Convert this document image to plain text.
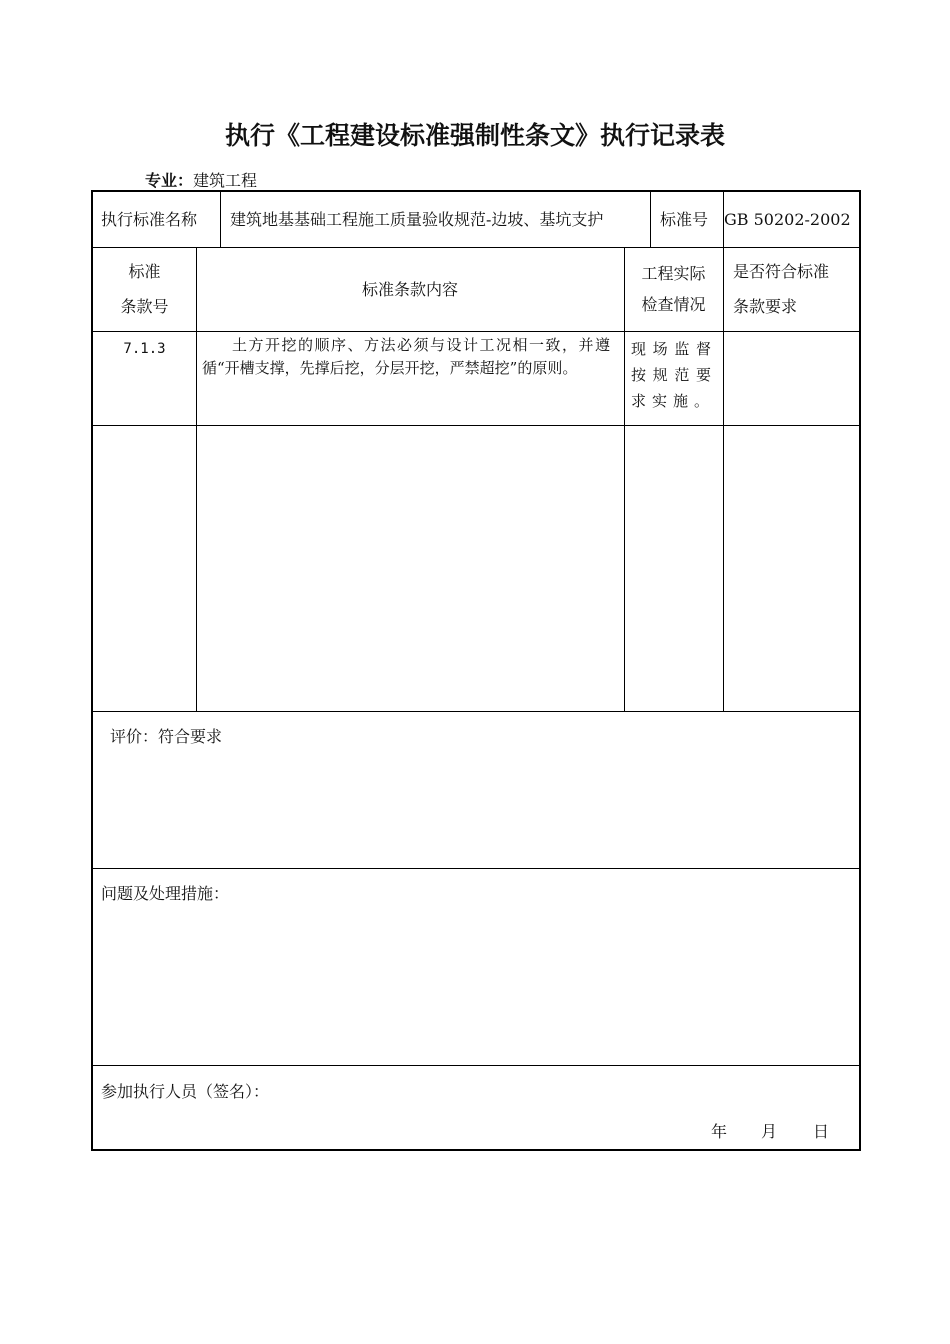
执行《工程建设标准强制性条文》执行记录表
专业：建筑工程
执行标准名称 建筑地基基础工程施工质量验收规范-边坡、基坑支护	标准号 GB 50202-2002
标准
条款号
标准条款内容
工程实际
检查情况
是否符合标准
条款要求
7.1.3	土方开挖的顺序、方法必须与设计工况相一致，并遵循“开槽支撑，先撑后挖，分层开挖，严禁超挖”的原则。
现场监督按规范要求实施。
评价：符合要求
问题及处理措施：
参加执行人员（签名）：
年 月 日
